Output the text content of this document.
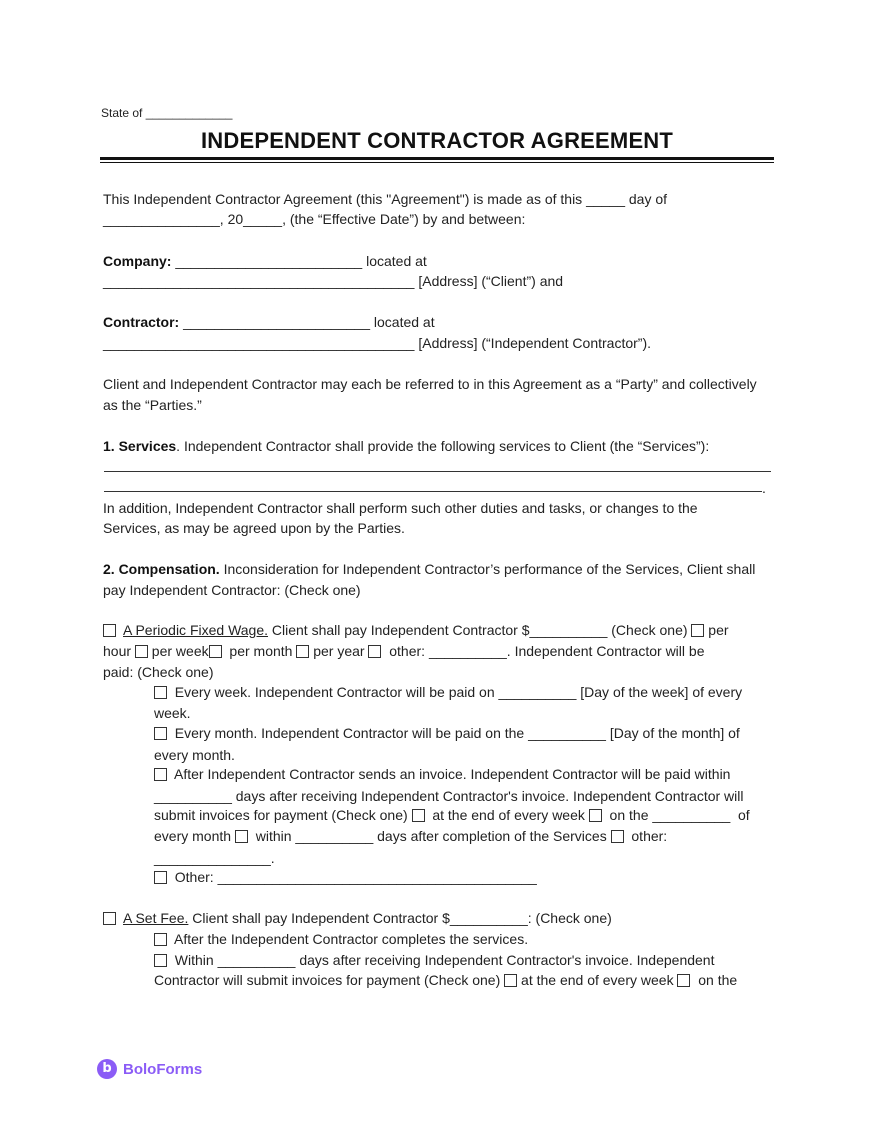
State of _____________
INDEPENDENT CONTRACTOR AGREEMENT
This Independent Contractor Agreement (this "Agreement") is made as of this _____ day of
_______________, 20_____, (the “Effective Date”) by and between:
Company: ________________________ located at
________________________________________ [Address] (“Client”) and
Contractor: ________________________ located at
________________________________________ [Address] (“Independent Contractor”).
Client and Independent Contractor may each be referred to in this Agreement as a “Party” and collectively
as the “Parties.”
1. Services. Independent Contractor shall provide the following services to Client (the “Services”):
.
In addition, Independent Contractor shall perform such other duties and tasks, or changes to the
Services, as may be agreed upon by the Parties.
2. Compensation. Inconsideration for Independent Contractor’s performance of the Services, Client shall
pay Independent Contractor: (Check one)
A Periodic Fixed Wage. Client shall pay Independent Contractor $__________ (Check one)  per
hour  per week  per month  per year   other: __________. Independent Contractor will be
paid: (Check one)
Every week. Independent Contractor will be paid on __________ [Day of the week] of every
week.
Every month. Independent Contractor will be paid on the __________ [Day of the month] of
every month.
After Independent Contractor sends an invoice. Independent Contractor will be paid within
__________ days after receiving Independent Contractor's invoice. Independent Contractor will
submit invoices for payment (Check one)   at the end of every week   on the __________  of
every month   within __________ days after completion of the Services   other:
_______________.
Other: _________________________________________
A Set Fee. Client shall pay Independent Contractor $__________: (Check one)
After the Independent Contractor completes the services.
Within __________ days after receiving Independent Contractor's invoice. Independent
Contractor will submit invoices for payment (Check one)  at the end of every week   on the
b BoloForms
